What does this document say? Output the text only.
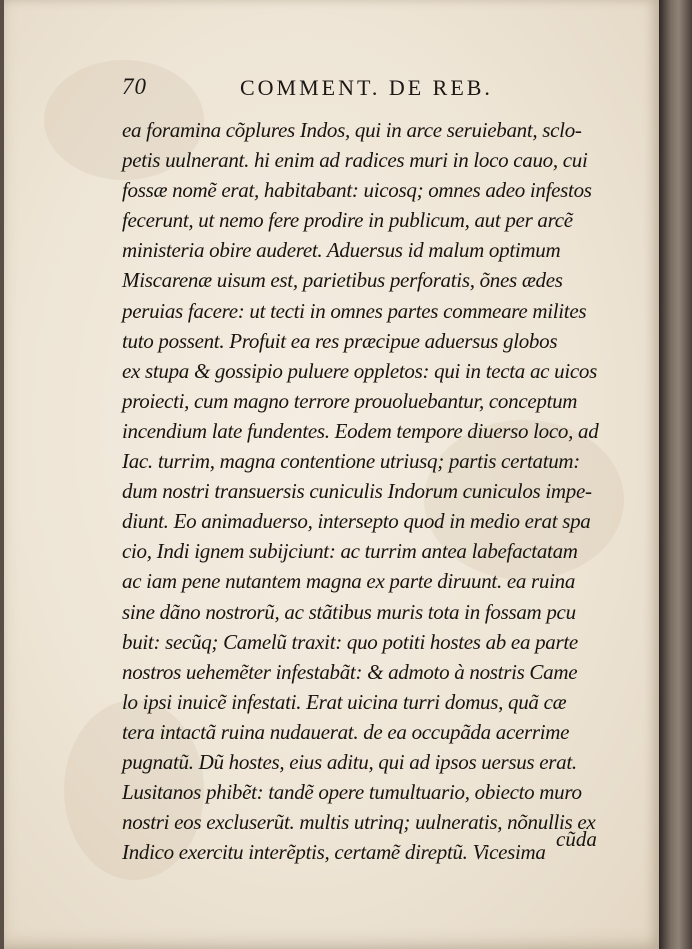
70	COMMENT. DE REB.
ea foramina cõplures Indos, qui in arce seruiebant, sclo-
petis uulnerant. hi enim ad radices muri in loco cauo, cui
fossæ nomẽ erat, habitabant: uicosq; omnes adeo infestos
fecerunt, ut nemo fere prodire in publicum, aut per arcẽ
ministeria obire auderet. Aduersus id malum optimum
Miscarenæ uisum est, parietibus perforatis, õnes ædes
peruias facere: ut tecti in omnes partes commeare milites
tuto possent. Profuit ea res præcipue aduersus globos
ex stupa & gossipio puluere oppletos: qui in tecta ac uicos
proiecti, cum magno terrore prouoluebantur, conceptum
incendium late fundentes. Eodem tempore diuerso loco, ad
Iac. turrim, magna contentione utriusq; partis certatum:
dum nostri transuersis cuniculis Indorum cuniculos impe-
diunt. Eo animaduerso, intersepto quod in medio erat spa
cio, Indi ignem subijciunt: ac turrim antea labefactatam
ac iam pene nutantem magna ex parte diruunt. ea ruina
sine dãno nostrorũ, ac stãtibus muris tota in fossam pcu
buit: secũq; Camelũ traxit: quo potiti hostes ab ea parte
nostros uehemẽter infestabãt: & admoto à nostris Came
lo ipsi inuicẽ infestati. Erat uicina turri domus, quã cæ
tera intactã ruina nudauerat. de ea occupãda acerrime
pugnatũ. Dũ hostes, eius aditu, qui ad ipsos uersus erat.
Lusitanos phibẽt: tandẽ opere tumultuario, obiecto muro
nostri eos excluserũt. multis utrinq; uulneratis, nõnullis ex
Indico exercitu interẽptis, certamẽ direptũ. Vicesima
cũda
